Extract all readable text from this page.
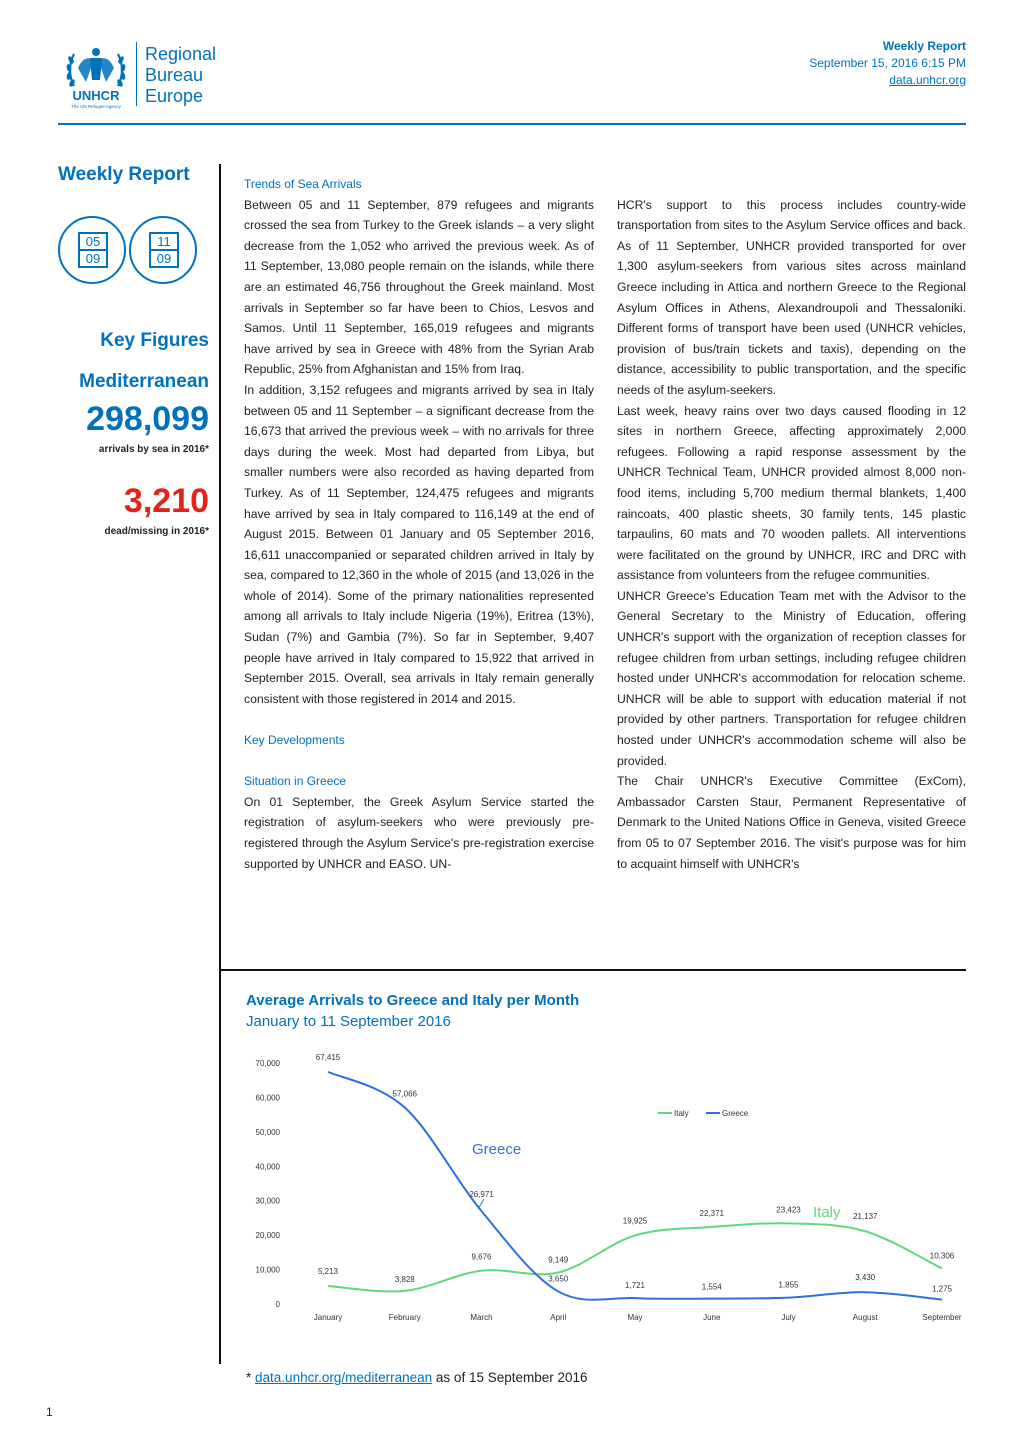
UNHCR
The UN Refugee Agency
Regional
Bureau
Europe
Weekly Report
September 15, 2016 6:15 PM
data.unhcr.org
Weekly Report
05
09
11
09
Key Figures
Mediterranean
298,099
arrivals by sea in 2016*
3,210
dead/missing in 2016*

Trends of Sea Arrivals

Between 05 and 11 September, 879 refugees and migrants crossed the sea from Turkey to the Greek islands – a very slight decrease from the 1,052 who arrived the previous week. As of 11 September, 13,080 people remain on the islands, while there are an estimated 46,756 throughout the Greek mainland. Most arrivals in September so far have been to Chios, Lesvos and Samos. Until 11 September, 165,019 refugees and migrants have arrived by sea in Greece with 48% from the Syrian Arab Republic, 25% from Afghanistan and 15% from Iraq.

In addition, 3,152 refugees and migrants arrived by sea in Italy between 05 and 11 September – a significant decrease from the 16,673 that arrived the previous week – with no arrivals for three days during the week. Most had departed from Libya, but smaller numbers were also recorded as having departed from Turkey. As of 11 September, 124,475 refugees and migrants have arrived by sea in Italy compared to 116,149 at the end of August 2015. Between 01 January and 05 September 2016, 16,611 unaccompanied or separated children arrived in Italy by sea, compared to 12,360 in the whole of 2015 (and 13,026 in the whole of 2014). Some of the primary nationalities represented among all arrivals to Italy include Nigeria (19%), Eritrea (13%), Sudan (7%) and Gambia (7%). So far in September, 9,407 people have arrived in Italy compared to 15,922 that arrived in September 2015. Overall, sea arrivals in Italy remain generally consistent with those registered in 2014 and 2015.

Key Developments

Situation in Greece

On 01 September, the Greek Asylum Service started the registration of asylum-seekers who were previously pre-registered through the Asylum Service's pre-registration exercise supported by UNHCR and EASO. UN-

HCR's support to this process includes country-wide transportation from sites to the Asylum Service offices and back. As of 11 September, UNHCR provided transported for over 1,300 asylum-seekers from various sites across mainland Greece including in Attica and northern Greece to the Regional Asylum Offices in Athens, Alexandroupoli and Thessaloniki. Different forms of transport have been used (UNHCR vehicles, provision of bus/train tickets and taxis), depending on the distance, accessibility to public transportation, and the specific needs of the asylum-seekers.

Last week, heavy rains over two days caused flooding in 12 sites in northern Greece, affecting approximately 2,000 refugees. Following a rapid response assessment by the UNHCR Technical Team, UNHCR provided almost 8,000 non-food items, including 5,700 medium thermal blankets, 1,400 raincoats, 400 plastic sheets, 30 family tents, 145 plastic tarpaulins, 60 mats and 70 wooden pallets. All interventions were facilitated on the ground by UNHCR, IRC and DRC with assistance from volunteers from the refugee communities.

UNHCR Greece's Education Team met with the Advisor to the General Secretary to the Ministry of Education, offering UNHCR's support with the organization of reception classes for refugee children from urban settings, including refugee children hosted under UNHCR's accommodation for relocation scheme. UNHCR will be able to support with education material if not provided by other partners. Transportation for refugee children hosted under UNHCR's accommodation scheme will also be provided.

The Chair UNHCR's Executive Committee (ExCom), Ambassador Carsten Staur, Permanent Representative of Denmark to the United Nations Office in Geneva, visited Greece from 05 to 07 September 2016. The visit's purpose was for him to acquaint himself with UNHCR's

Average Arrivals to Greece and Italy per Month
January to 11 September 2016
70,000
60,000
50,000
40,000
30,000
20,000
10,000
0
January	February	March	April	May	June	July	August	September
5,213
3,828
9,676	9,149
19,925
22,371	23,423
21,137
10,306
67,415
57,066
26,971
3,650
1,721	1,554	1,855
3,430
1,275
Italy	Greece
Greece
Italy
* data.unhcr.org/mediterranean as of 15 September 2016
1
